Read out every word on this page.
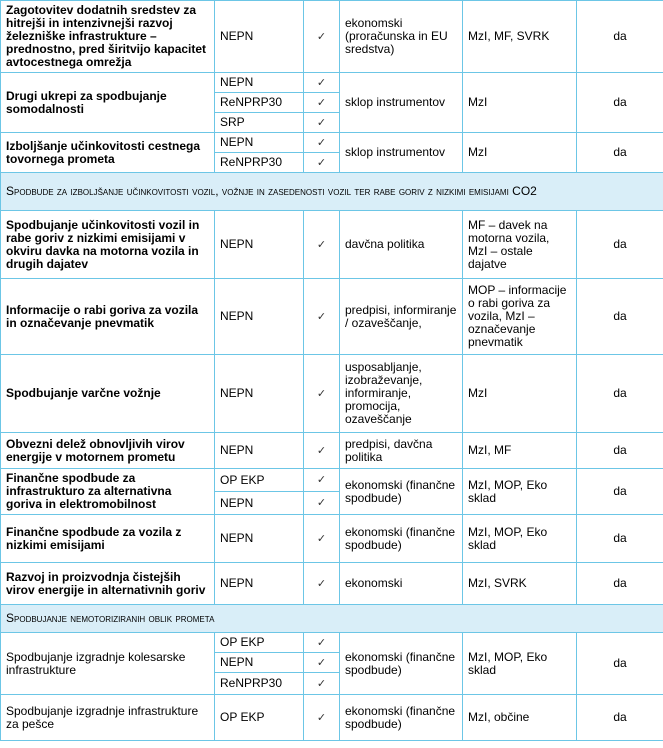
Zagotovitev dodatnih sredstev za hitrejši in intenzivnejši razvoj železniške infrastrukture – prednostno, pred širitvijo kapacitet avtocestnega omrežja	NEPN	✓	ekonomski (proračunska in EU sredstva)	MzI, MF, SVRK	da
Drugi ukrepi za spodbujanje somodalnosti	NEPN	✓	sklop instrumentov	MzI	da
	ReNPRP30	✓			
	SRP	✓			
Izboljšanje učinkovitosti cestnega tovornega prometa	NEPN	✓	sklop instrumentov	MzI	da
	ReNPRP30	✓			
Spodbude za izboljšanje učinkovitosti vozil, vožnje in zasedenosti vozil ter rabe goriv z nizkimi emisijami CO2					
Spodbujanje učinkovitosti vozil in rabe goriv z nizkimi emisijami v okviru davka na motorna vozila in drugih dajatev	NEPN	✓	davčna politika	MF – davek na motorna vozila, MzI – ostale dajatve	da
Informacije o rabi goriva za vozila in označevanje pnevmatik	NEPN	✓	predpisi, informiranje / ozaveščanje,	MOP – informacije o rabi goriva za vozila, MzI – označevanje pnevmatik	da
Spodbujanje varčne vožnje	NEPN	✓	usposabljanje, izobraževanje, informiranje, promocija, ozaveščanje	MzI	da
Obvezni delež obnovljivih virov energije v motornem prometu	NEPN	✓	predpisi, davčna politika	MzI, MF	da
Finančne spodbude za infrastrukturo za alternativna goriva in elektromobilnost	OP EKP	✓	ekonomski (finančne spodbude)	MzI, MOP, Eko sklad	da
	NEPN	✓			
Finančne spodbude za vozila z nizkimi emisijami	NEPN	✓	ekonomski (finančne spodbude)	MzI, MOP, Eko sklad	da
Razvoj in proizvodnja čistejših virov energije in alternativnih goriv	NEPN	✓	ekonomski	MzI, SVRK	da
Spodbujanje nemotoriziranih oblik prometa					
Spodbujanje izgradnje kolesarske infrastrukture	OP EKP	✓	ekonomski (finančne spodbude)	MzI, MOP, Eko sklad	da
	NEPN	✓			
	ReNPRP30	✓			
Spodbujanje izgradnje infrastrukture za pešce	OP EKP	✓	ekonomski (finančne spodbude)	MzI, občine	da
